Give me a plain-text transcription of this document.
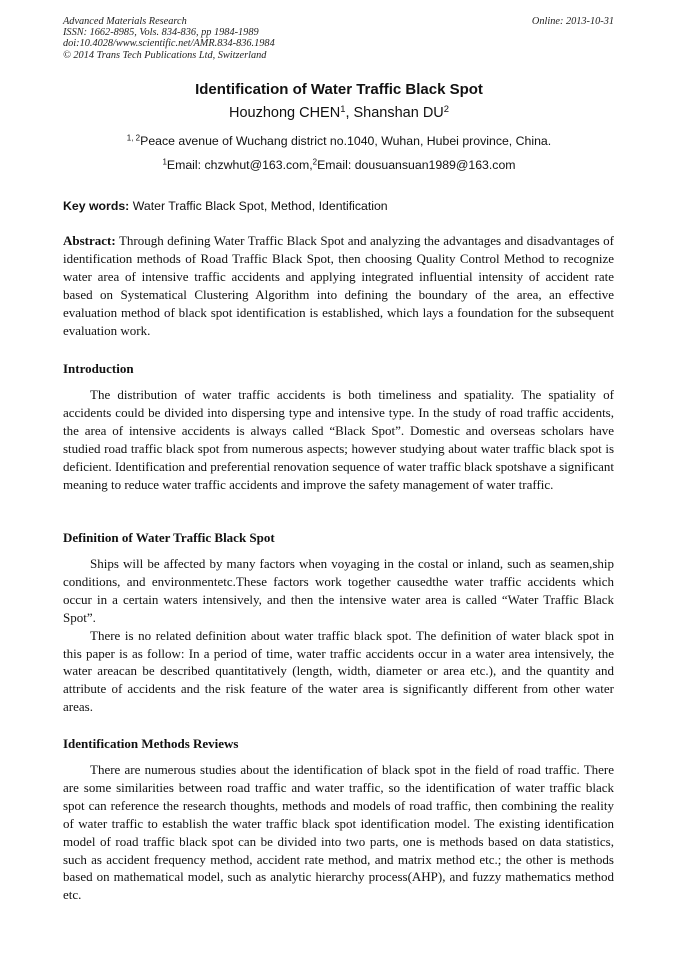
Advanced Materials Research
ISSN: 1662-8985, Vols. 834-836, pp 1984-1989
doi:10.4028/www.scientific.net/AMR.834-836.1984
© 2014 Trans Tech Publications Ltd, Switzerland
Online: 2013-10-31
Identification of Water Traffic Black Spot
Houzhong CHEN$^1$, Shanshan $DU^2$
$^{1, 2}$Peace avenue of Wuchang district no.1040, Wuhan, Hubei province, China.
$^1$Email: chzwhut@163.com,$^2$Email: dousuansuan1989@163.com
Key words: Water Traffic Black Spot, Method, Identification

Abstract: Through defining Water Traffic Black Spot and analyzing the advantages and disadvantages of identification methods of Road Traffic Black Spot, then choosing Quality Control Method to recognize water area of intensive traffic accidents and applying integrated influential intensity of accident rate based on Systematical Clustering Algorithm into defining the boundary of the area, an effective evaluation method of black spot identification is established, which lays a foundation for the subsequent evaluation work.

Introduction

The distribution of water traffic accidents is both timeliness and spatiality. The spatiality of accidents could be divided into dispersing type and intensive type. In the study of road traffic accidents, the area of intensive accidents is always called “Black Spot”. Domestic and overseas scholars have studied road traffic black spot from numerous aspects; however studying about water traffic black spot is deficient. Identification and preferential renovation sequence of water traffic black spotshave a significant meaning to reduce water traffic accidents and improve the safety management of water traffic.

Definition of Water Traffic Black Spot

Ships will be affected by many factors when voyaging in the costal or inland, such as seamen,ship conditions, and environmentetc.These factors work together causedthe water traffic accidents which occur in a certain waters intensively, and then the intensive water area is called “Water Traffic Black Spot”.

There is no related definition about water traffic black spot. The definition of water black spot in this paper is as follow: In a period of time, water traffic accidents occur in a water area intensively, the water areacan be described quantitatively (length, width, diameter or area etc.), and the quantity and attribute of accidents and the risk feature of the water area is significantly different from other water areas.

Identification Methods Reviews

There are numerous studies about the identification of black spot in the field of road traffic. There are some similarities between road traffic and water traffic, so the identification of water traffic black spot can reference the research thoughts, methods and models of road traffic, then combining the reality of water traffic to establish the water traffic black spot identification model. The existing identification model of road traffic black spot can be divided into two parts, one is methods based on data statistics, such as accident frequency method, accident rate method, and matrix method etc.; the other is methods based on mathematical model, such as analytic hierarchy process(AHP), and fuzzy mathematics method etc.
